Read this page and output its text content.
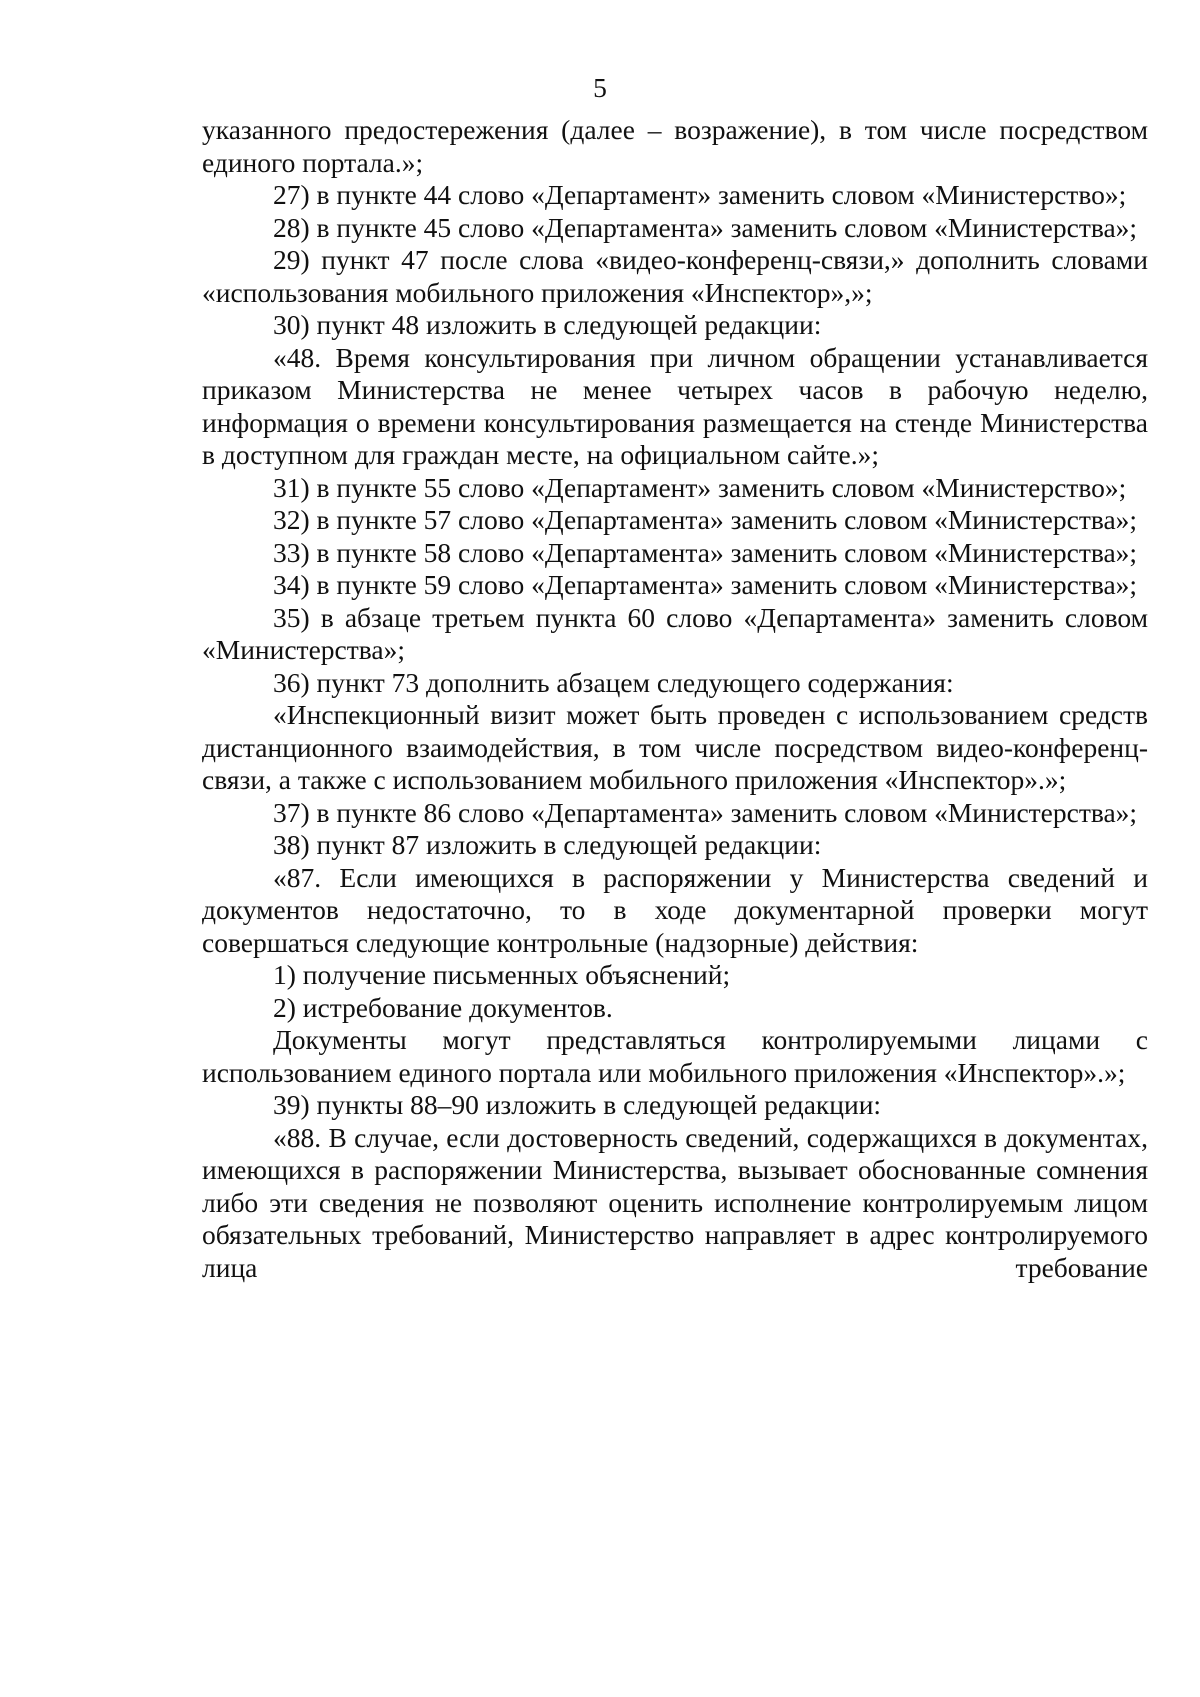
5

указанного предостережения (далее – возражение), в том числе посредством единого портала.»;

27) в пункте 44 слово «Департамент» заменить словом «Министерство»;

28) в пункте 45 слово «Департамента» заменить словом «Министерства»;

29) пункт 47 после слова «видео-конференц-связи,» дополнить словами «использования мобильного приложения «Инспектор»,»;

30) пункт 48 изложить в следующей редакции:

«48. Время консультирования при личном обращении устанавливается приказом Министерства не менее четырех часов в рабочую неделю, информация о времени консультирования размещается на стенде Министерства в доступном для граждан месте, на официальном сайте.»;

31) в пункте 55 слово «Департамент» заменить словом «Министерство»;

32) в пункте 57 слово «Департамента» заменить словом «Министерства»;

33) в пункте 58 слово «Департамента» заменить словом «Министерства»;

34) в пункте 59 слово «Департамента» заменить словом «Министерства»;

35) в абзаце третьем пункта 60 слово «Департамента» заменить словом «Министерства»;

36) пункт 73 дополнить абзацем следующего содержания:

«Инспекционный визит может быть проведен с использованием средств дистанционного взаимодействия, в том числе посредством видео-конференц-связи, а также с использованием мобильного приложения «Инспектор».»;

37) в пункте 86 слово «Департамента» заменить словом «Министерства»;

38) пункт 87 изложить в следующей редакции:

«87. Если имеющихся в распоряжении у Министерства сведений и документов недостаточно, то в ходе документарной проверки могут совершаться следующие контрольные (надзорные) действия:

1) получение письменных объяснений;

2) истребование документов.

Документы могут представляться контролируемыми лицами с использованием единого портала или мобильного приложения «Инспектор».»;

39) пункты 88–90 изложить в следующей редакции:

«88. В случае, если достоверность сведений, содержащихся в документах, имеющихся в распоряжении Министерства, вызывает обоснованные сомнения либо эти сведения не позволяют оценить исполнение контролируемым лицом обязательных требований, Министерство направляет в адрес контролируемого лица требование
